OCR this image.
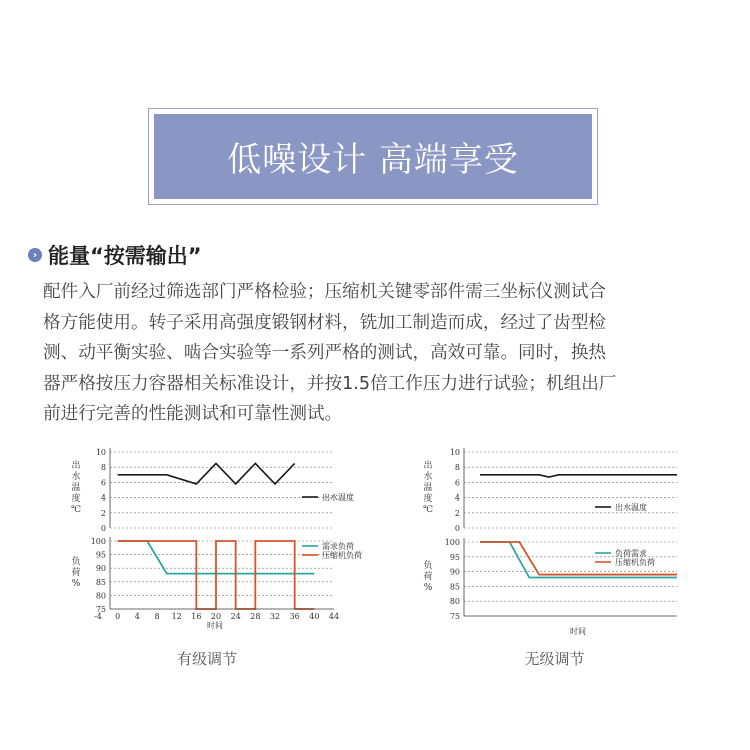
低噪设计 高端享受
› 能量“按需输出”

配件入厂前经过筛选部门严格检验；压缩机关键零部件需三坐标仪测试合
格方能使用。转子采用高强度锻钢材料，铣加工制造而成，经过了齿型检
测、动平衡实验、啮合实验等一系列严格的测试，高效可靠。同时，换热
器严格按压力容器相关标准设计，并按1.5倍工作压力进行试验；机组出厂
前进行完善的性能测试和可靠性测试。

10
8
6
4
2
0
出
水
温
度
℃
出水温度
100
95
90
85
80
75
负
荷
%
需求负荷
压缩机负荷
-4 0 4 8 12 16 20 24 28 32 36 40 44
时间
有级调节
10
8
6
4
2
0
出
水
温
度
℃	出水温度
100
95
90
85
80
75
负
荷
%
负荷需求
压缩机负荷
时间
无级调节
